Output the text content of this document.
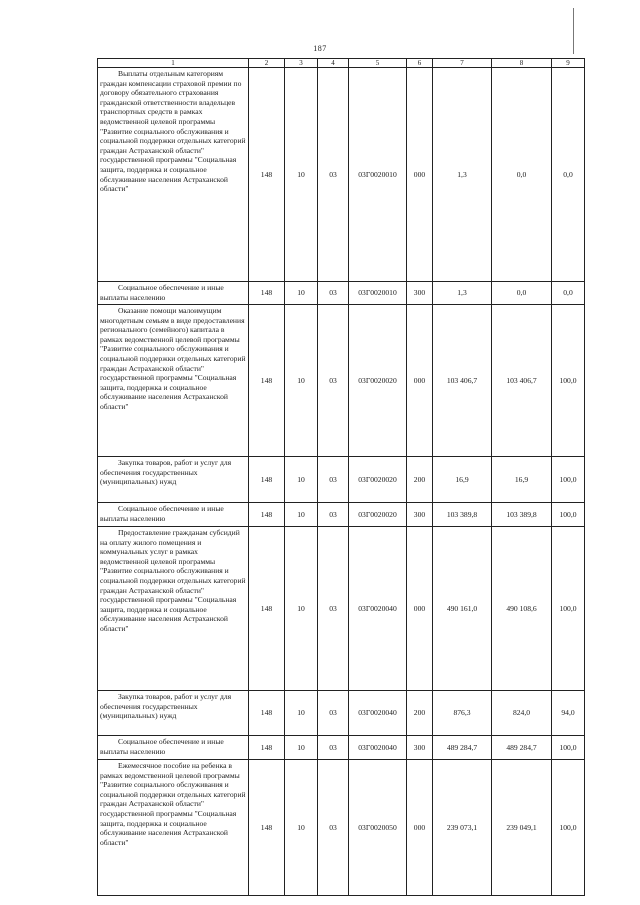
187
1	2	3	4	5	6	7	8	9

Выплаты отдельным категориям граждан компенсации страховой премии по договору обязательного страхования гражданской ответственности владельцев транспортных средств в рамках ведомственной целевой программы "Развитие социального обслуживания и социальной поддержки отдельных категорий граждан Астраханской области" государственной программы "Социальная защита, поддержка и социальное обслуживание населения Астраханской области"	148	10	03	03Г0020010	000	1,3	0,0	0,0

Социальное обеспечение и иные выплаты населению	148	10	03	03Г0020010	300	1,3	0,0	0,0

Оказание помощи малоимущим многодетным семьям в виде предоставления регионального (семейного) капитала в рамках ведомственной целевой программы "Развитие социального обслуживания и социальной поддержки отдельных категорий граждан Астраханской области" государственной программы "Социальная защита, поддержка и социальное обслуживание населения Астраханской области"	148	10	03	03Г0020020	000	103 406,7	103 406,7	100,0

Закупка товаров, работ и услуг для обеспечения государственных (муниципальных) нужд	148	10	03	03Г0020020	200	16,9	16,9	100,0

Социальное обеспечение и иные выплаты населению	148	10	03	03Г0020020	300	103 389,8	103 389,8	100,0

Предоставление гражданам субсидий на оплату жилого помещения и коммунальных услуг в рамках ведомственной целевой программы "Развитие социального обслуживания и социальной поддержки отдельных категорий граждан Астраханской области" государственной программы "Социальная защита, поддержка и социальное обслуживание населения Астраханской области"	148	10	03	03Г0020040	000	490 161,0	490 108,6	100,0

Закупка товаров, работ и услуг для обеспечения государственных (муниципальных) нужд	148	10	03	03Г0020040	200	876,3	824,0	94,0

Социальное обеспечение и иные выплаты населению	148	10	03	03Г0020040	300	489 284,7	489 284,7	100,0

Ежемесячное пособие на ребенка в рамках ведомственной целевой программы "Развитие социального обслуживания и социальной поддержки отдельных категорий граждан Астраханской области" государственной программы "Социальная защита, поддержка и социальное обслуживание населения Астраханской области"	148	10	03	03Г0020050	000	239 073,1	239 049,1	100,0
